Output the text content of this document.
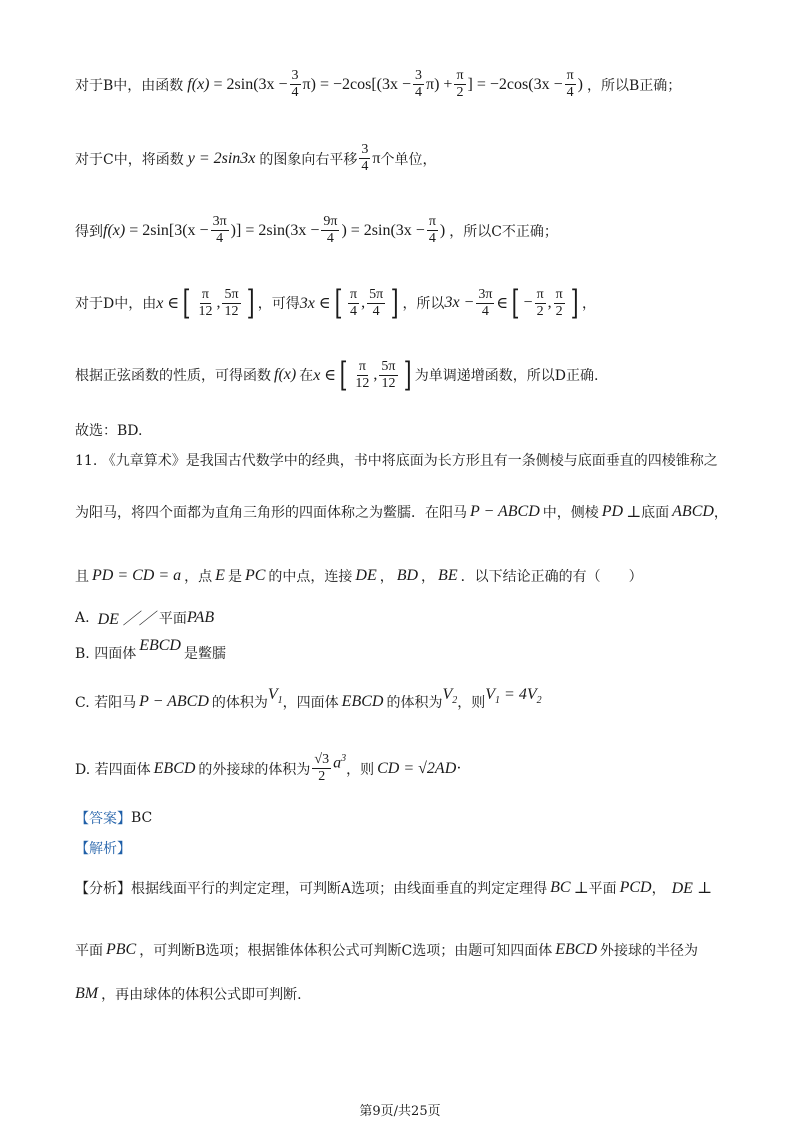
对于B中，由函数 $f(x) = 2\sin(3x - \frac{3}{4} \pi) = -2\cos[(3x - \frac{3}{4} \pi) + \frac{\pi}{2}$ ] = $-2\cos(3x - \frac{\pi}{4}$ ) ，所以B正确；
对于C中，将函数 y = 2sin3x 的图象向右平移 $\frac{3}{4}$ π 个单位，
得到 $f(x) = 2\sin[3(x - \frac{3\pi}{4}$ )] = $2\sin(3x - \frac{9\pi}{4}$ ) = $2\sin(3x - \frac{\pi}{4}$ ) ，所以C不正确；
对于D中，由 x ∈ [ $\frac{\pi}{12}$ , $\frac{5\pi}{12}$ ] ，可得 3x ∈ [ $\frac{\pi}{4}$ , $\frac{5\pi}{4}$ ] ，所以 $3x - \frac{3\pi}{4}$ ∈ [ − $\frac{\pi}{2}$ , $\frac{\pi}{2}$ ] ，
根据正弦函数的性质，可得函数 f(x) 在 x ∈ [ $\frac{\pi}{12}$ , $\frac{5\pi}{12}$ ] 为单调递增函数，所以D正确.
故选：BD.
11. 《九章算术》是我国古代数学中的经典，书中将底面为长方形且有一条侧棱与底面垂直的四棱锥称之
为阳马，将四个面都为直角三角形的四面体称之为鳖臑．在阳马 P − ABCD 中，侧棱 PD ⊥ 底面 ABCD ，
且 PD = CD = a ，点 E 是 PC 的中点，连接 DE ， BD ， BE ．以下结论正确的有（　　）
A. DE ／／ 平面 PAB
B. 四面体 EBCD 是鳖臑
C. 若阳马 P − ABCD 的体积为
$V_1$ ，四面体 EBCD 的体积为
$V_2$ ，则
$V_1 = 4V_2$
D. 若四面体 EBCD 的外接球的体积为 $\frac{√3}{2} a^3$
，则 CD = √2AD ·
【答案】 BC
【解析】
【分析】 根据线面平行的判定定理，可判断A选项；由线面垂直的判定定理得 BC ⊥ 平面 PCD ， DE ⊥
平面 PBC ，可判断B选项；根据锥体体积公式可判断C选项；由题可知四面体 EBCD 外接球的半径为
BM ，再由球体的体积公式即可判断.
第9页/共25页
